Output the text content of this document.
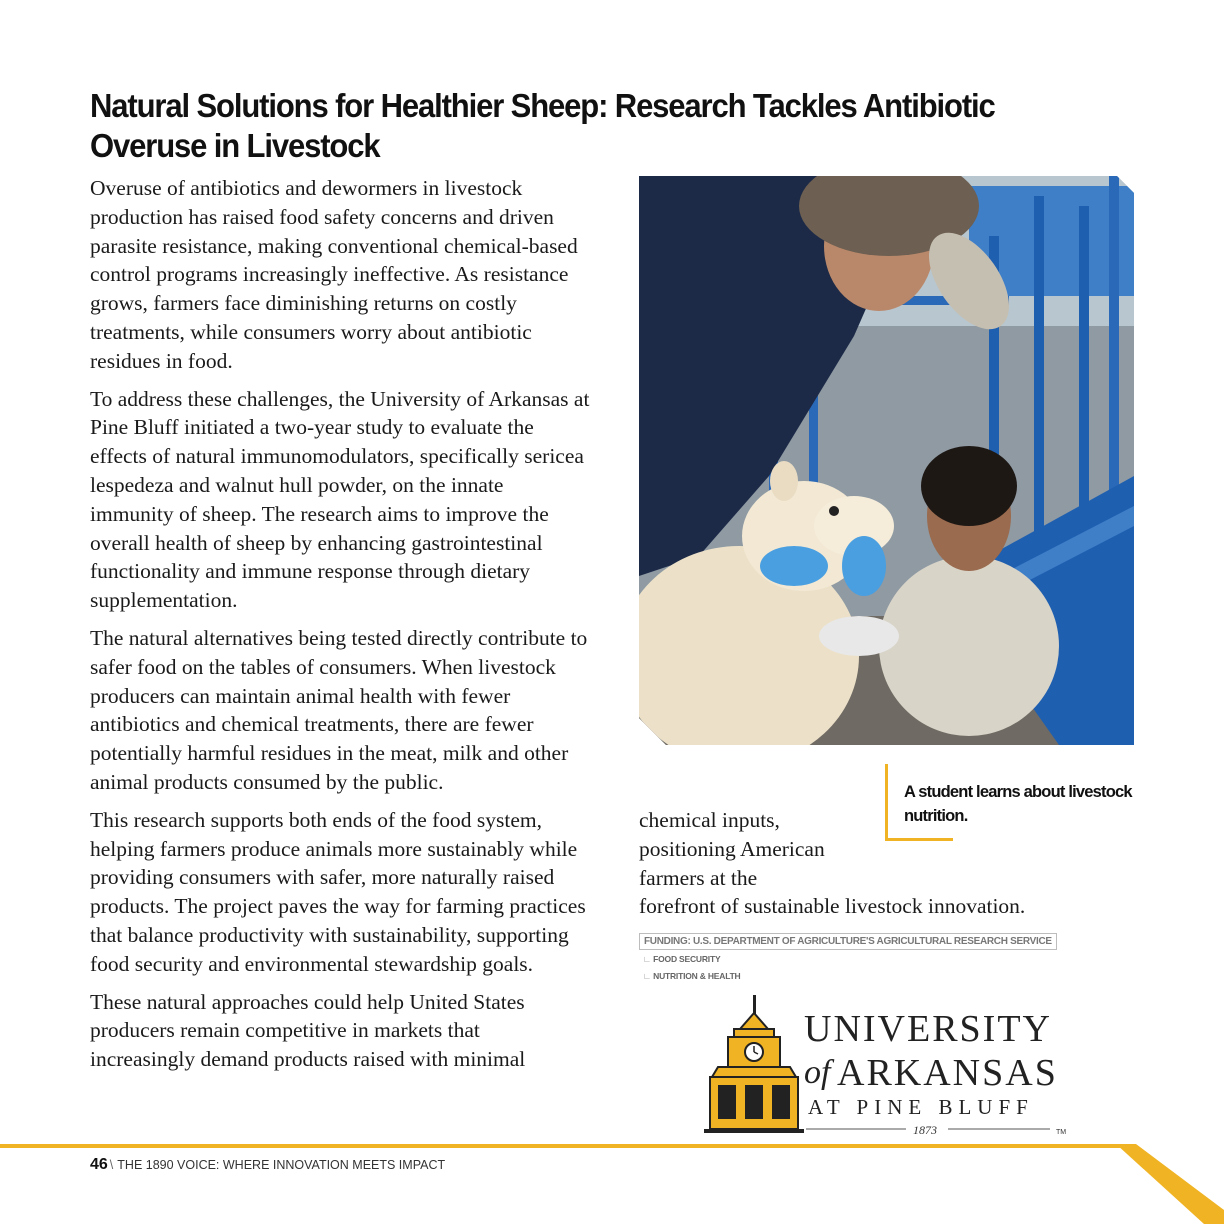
Natural Solutions for Healthier Sheep: Research Tackles Antibiotic Overuse in Livestock

Overuse of antibiotics and dewormers in livestock production has raised food safety concerns and driven parasite resistance, making conventional chemical-based control programs increasingly ineffective. As resistance grows, farmers face diminishing returns on costly treatments, while consumers worry about antibiotic residues in food.

To address these challenges, the University of Arkansas at Pine Bluff initiated a two-year study to evaluate the effects of natural immunomodulators, specifically sericea lespedeza and walnut hull powder, on the innate immunity of sheep. The research aims to improve the overall health of sheep by enhancing gastrointestinal functionality and immune response through dietary supplementation.

The natural alternatives being tested directly contribute to safer food on the tables of consumers. When livestock producers can maintain animal health with fewer antibiotics and chemical treatments, there are fewer potentially harmful residues in the meat, milk and other animal products consumed by the public.

This research supports both ends of the food system, helping farmers produce animals more sustainably while providing consumers with safer, more naturally raised products. The project paves the way for farming practices that balance productivity with sustainability, supporting food security and environmental stewardship goals.

These natural approaches could help United States producers remain competitive in markets that increasingly demand products raised with minimal

A student learns about livestock nutrition.

chemical inputs,
positioning American
farmers at the
forefront of sustainable livestock innovation.

FUNDING: U.S. DEPARTMENT OF AGRICULTURE'S AGRICULTURAL RESEARCH SERVICE
∟ FOOD SECURITY
∟ NUTRITION & HEALTH
UNIVERSITY
of ARKANSAS
AT PINE BLUFF
1873	TM
46 \ THE 1890 VOICE: WHERE INNOVATION MEETS IMPACT
